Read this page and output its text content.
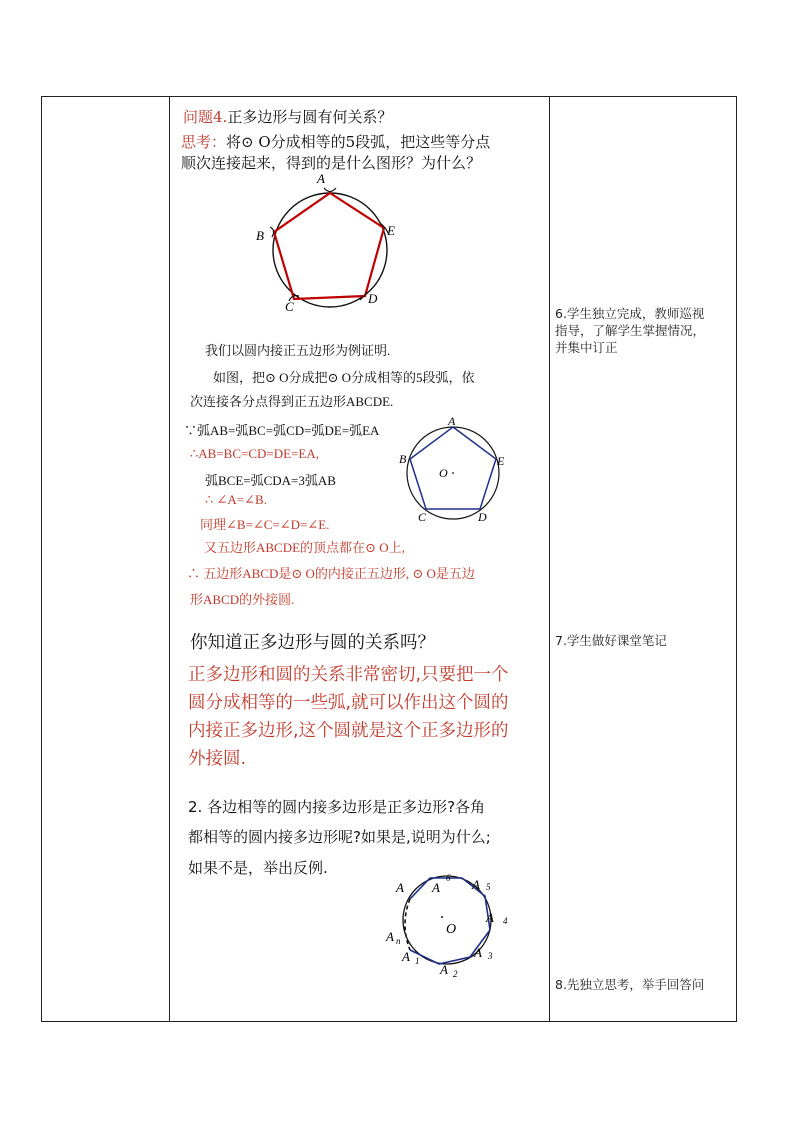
问题4.正多边形与圆有何关系？
思考：将⊙ O分成相等的5段弧，把这些等分点
顺次连接起来，得到的是什么图形？为什么？
A
B
C
D
E
我们以圆内接正五边形为例证明.
如图，把⊙ O分成把⊙ O分成相等的5段弧，依
次连接各分点得到正五边形ABCDE.
∵弧AB=弧BC=弧CD=弧DE=弧EA
∴AB=BC=CD=DE=EA,
弧BCE=弧CDA=3弧AB
∴ ∠A=∠B.
同理∠B=∠C=∠D=∠E.
又五边形ABCDE的顶点都在⊙ O上,
∴ 五边形ABCD是⊙ O的内接正五边形, ⊙ O是五边
形ABCD的外接圆.
A
B
C	D
E
O
你知道正多边形与圆的关系吗？
正多边形和圆的关系非常密切,只要把一个
圆分成相等的一些弧,就可以作出这个圆的
内接正多边形,这个圆就是这个正多边形的
外接圆.
2. 各边相等的圆内接多边形是正多边形?各角
都相等的圆内接多边形呢?如果是,说明为什么;
如果不是，举出反例.
A
6 A 5
A 4
A 3
A 2
A 1
A n
A
O
6.学生独立完成，教师巡视
指导，了解学生掌握情况，
并集中订正
7.学生做好课堂笔记
8.先独立思考，举手回答问
